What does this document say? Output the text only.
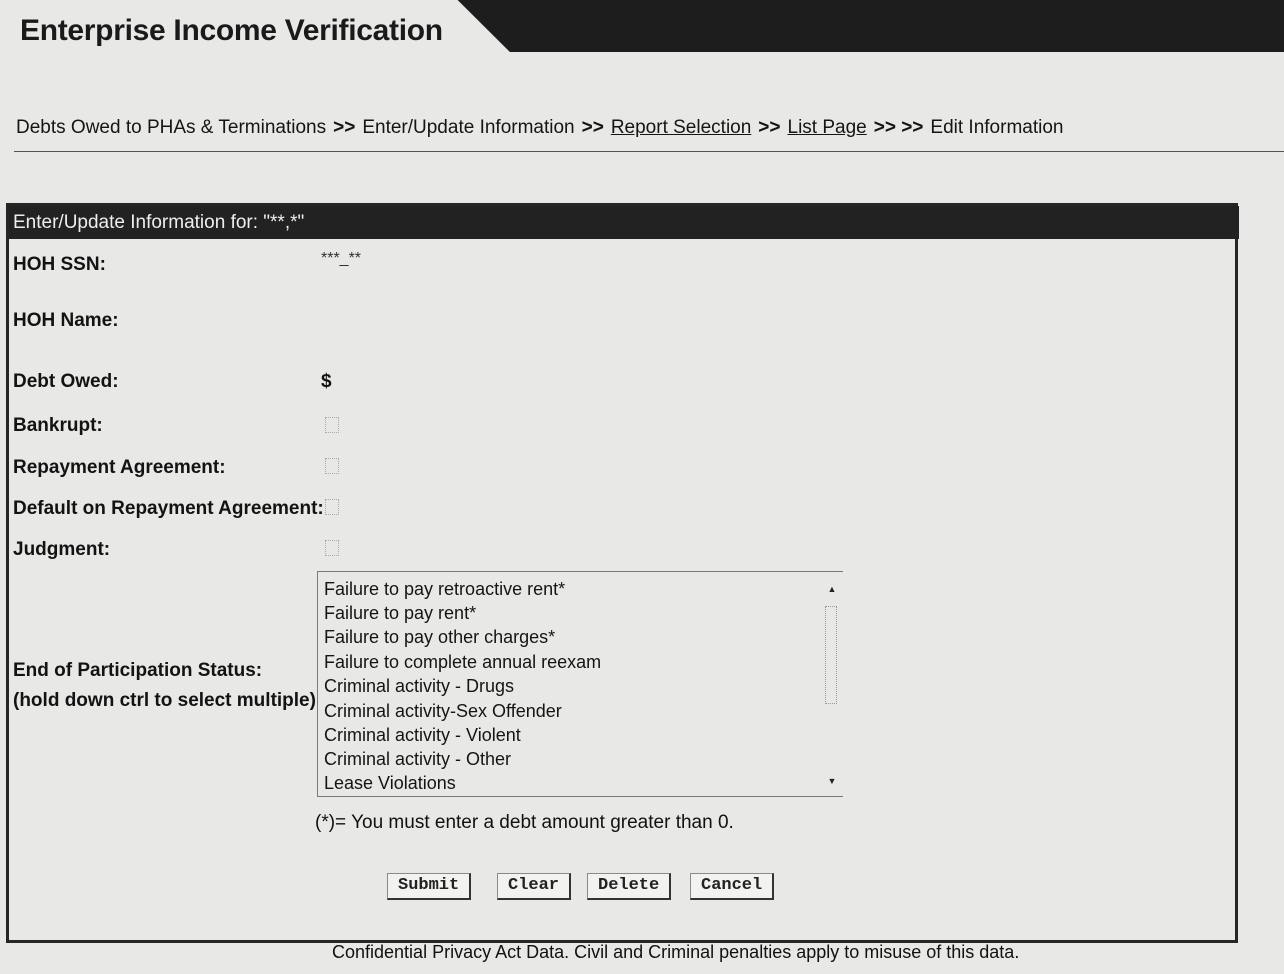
Enterprise Income Verification
Debts Owed to PHAs & Terminations >> Enter/Update Information >> Report Selection >> List Page >> >> Edit Information
Enter/Update Information for: "**,*"
HOH SSN:	***_**
HOH Name:
Debt Owed:	$
Bankrupt:
Repayment Agreement:
Default on Repayment Agreement:
Judgment:
End of Participation Status:
(hold down ctrl to select multiple)
Failure to pay retroactive rent*
Failure to pay rent*
Failure to pay other charges*
Failure to complete annual reexam
Criminal activity - Drugs
Criminal activity-Sex Offender
Criminal activity - Violent
Criminal activity - Other
Lease Violations
▲
▼
(*)= You must enter a debt amount greater than 0.
Submit	Clear	Delete	Cancel
Confidential Privacy Act Data. Civil and Criminal penalties apply to misuse of this data.
